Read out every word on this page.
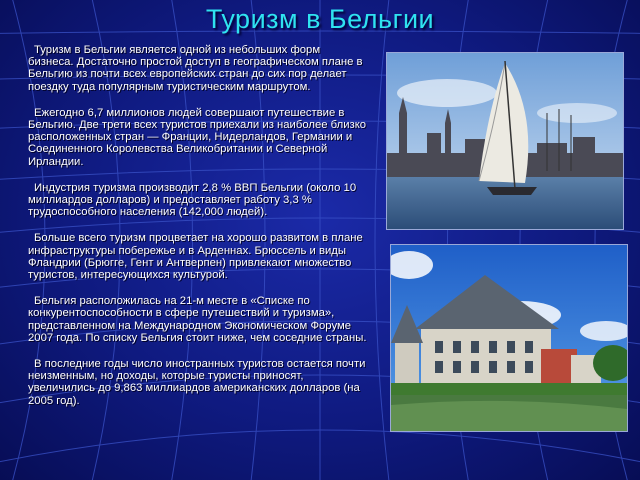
Туризм в Бельгии

Туризм в Бельгии является одной из небольших форм бизнеса. Достаточно простой доступ в географическом плане в Бельгию из почти всех европейских стран до сих пор делает поездку туда популярным туристическим маршрутом.

Ежегодно 6,7 миллионов людей совершают путешествие в Бельгию. Две трети всех туристов приехали из наиболее близко расположенных стран — Франции, Нидерландов, Германии и Соединенного Королевства Великобритании и Северной Ирландии.

Индустрия туризма производит 2,8 % ВВП Бельгии (около 10 миллиардов долларов) и предоставляет работу 3,3 % трудоспособного населения (142,000 людей).

Больше всего туризм процветает на хорошо развитом в плане инфраструктуры побережье и в Арденнах. Брюссель и виды Фландрии (Брюгге, Гент и Антверпен) привлекают множество туристов, интересующихся культурой.

Бельгия расположилась на 21-м месте в «Списке по конкурентоспособности в сфере путешествий и туризма», представленном на Международном Экономическом Форуме 2007 года. По списку Бельгия стоит ниже, чем соседние страны.

В последние годы число иностранных туристов остается почти неизменным, но доходы, которые туристы приносят, увеличились до 9,863 миллиардов американских долларов (на 2005 год).
